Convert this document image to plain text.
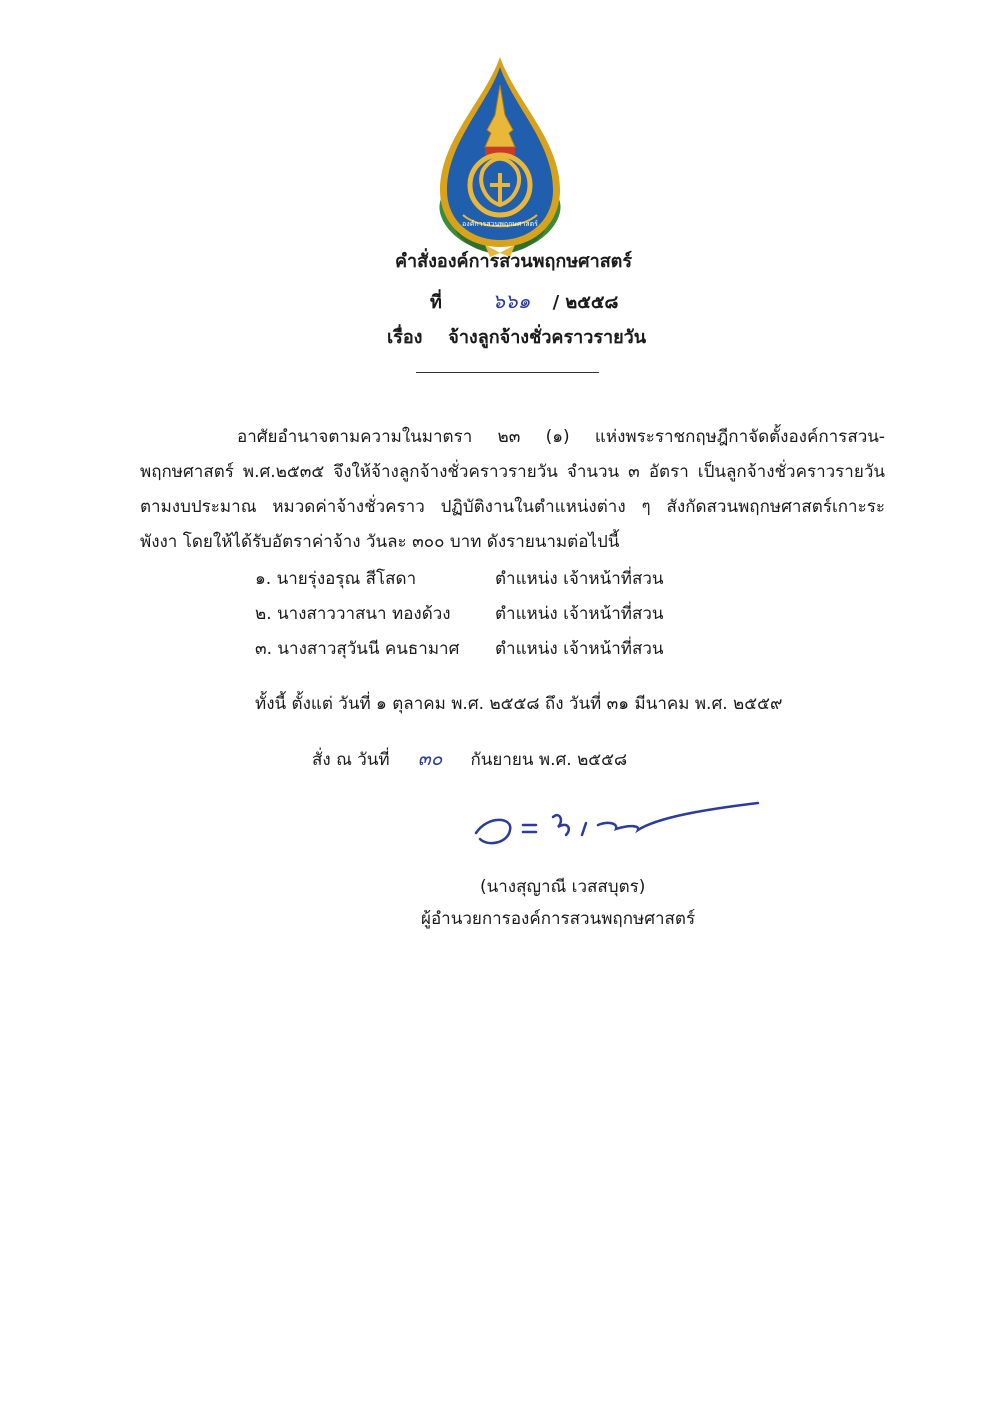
องค์การสวนพฤกษศาสตร์
คำสั่งองค์การสวนพฤกษศาสตร์
ที่	๖๖๑ / ๒๕๕๘
เรื่อง จ้างลูกจ้างชั่วคราวรายวัน

อาศัยอำนาจตามความในมาตรา ๒๓ (๑) แห่งพระราชกฤษฎีกาจัดตั้งองค์การสวน-พฤกษศาสตร์ พ.ศ.๒๕๓๕ จึงให้จ้างลูกจ้างชั่วคราวรายวัน จำนวน ๓ อัตรา เป็นลูกจ้างชั่วคราวรายวัน ตามงบประมาณ หมวดค่าจ้างชั่วคราว ปฏิบัติงานในตำแหน่งต่าง ๆ สังกัดสวนพฤกษศาสตร์เกาะระ พังงา โดยให้ได้รับอัตราค่าจ้าง วันละ ๓๐๐ บาท ดังรายนามต่อไปนี้

๑. นายรุ่งอรุณ สีโสดา	ตำแหน่ง เจ้าหน้าที่สวน
๒. นางสาววาสนา ทองด้วง	ตำแหน่ง เจ้าหน้าที่สวน
๓. นางสาวสุวันนี คนธามาศ ตำแหน่ง เจ้าหน้าที่สวน
ทั้งนี้ ตั้งแต่ วันที่ ๑ ตุลาคม พ.ศ. ๒๕๕๘ ถึง วันที่ ๓๑ มีนาคม พ.ศ. ๒๕๕๙
สั่ง ณ วันที่ ๓๐ กันยายน พ.ศ. ๒๕๕๘
(นางสุญาณี เวสสบุตร)
ผู้อำนวยการองค์การสวนพฤกษศาสตร์
